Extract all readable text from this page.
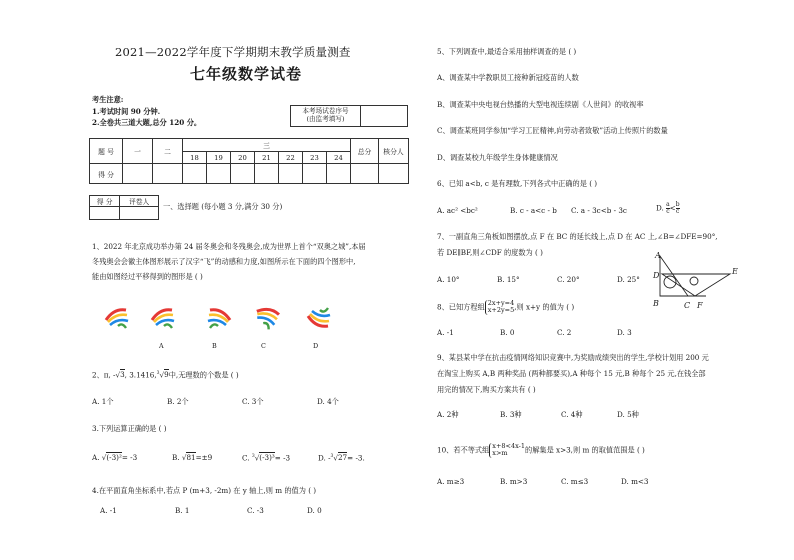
2021—2022学年度下学期期末教学质量测查
七年级数学试卷
考生注意:
1.考试时间 90 分钟.
2.全卷共三道大题,总分 120 分。
本考场试卷序号
(由监考填写)

题 号	一	二	三							总分	核分人
			18	19	20	21	22	23	24		
得 分											
得 分	评卷人
	一、选择题 (每小题 3 分,满分 30 分)
1、2022 年北京成功举办第 24 届冬奥会和冬残奥会,成为世界上首个“双奥之城”,本届
冬残奥会会徽主体图形展示了汉字“飞”的动感和力度,如图所示在下面的四个图形中,
能由如图经过平移得到的图形是 ( )
A	B	C	D
2、π, -√3, 3.1416,$^3$√9中,无理数的个数是 ( )
A. 1个	B. 2个	C. 3个	D. 4个
3.下列运算正确的是 ( )
A. √(-3)²= -3	B. √81=±9	C. $^3$√(-3)³= -3	D. -$^3$√27= -3.
4.在平面直角坐标系中,若点 P (m+3, -2m) 在 y 轴上,则 m 的值为 ( )
A. -1	B. 1	C. -3	D. 0
5、下列调查中,最适合采用抽样调查的是 ( )
A、调查某中学教职员工接种新冠疫苗的人数
B、调查某中央电视台热播的大型电视连续剧《人世间》的收视率
C、调查某班同学参加“学习工匠精神,向劳动者致敬”活动上传照片的数量
D、调查某校九年级学生身体健康情况
6、已知 a<b, c 是有理数,下列各式中正确的是 ( )
A. ac² <bc²	B. c - a<c - b C. a - 3c<b - 3c	D. $\frac{a}{c} < \frac{b}{c}$
7、一副直角三角板如图摆放,点 F 在 BC 的延长线上,点 D 在 AC 上,∠B=∠DFE=90°,
若 DE∥BF,则∠CDF 的度数为 ( )
A. 10°	B. 15°	C. 20°	D. 25°
A
D	E
B	C F
8、已知方程组 2x+y=4
x+2y=5 ,则 x+y 的值为 ( )
A. -1	B. 0	C. 2	D. 3
9、某县某中学在抗击疫情网络知识竞赛中,为奖励成绩突出的学生,学校计划用 200 元
在淘宝上购买 A,B 两种奖品 (两种都要买),A 种每个 15 元,B 种每个 25 元,在钱全部
用完的情况下,购买方案共有 ( )
A. 2种	B. 3种	C. 4种	D. 5种
10、若不等式组 x+8<4x-1
x>m	的解集是 x>3,则 m 的取值范围是 ( )
A. m≥3	B. m>3	C. m≤3	D. m<3
